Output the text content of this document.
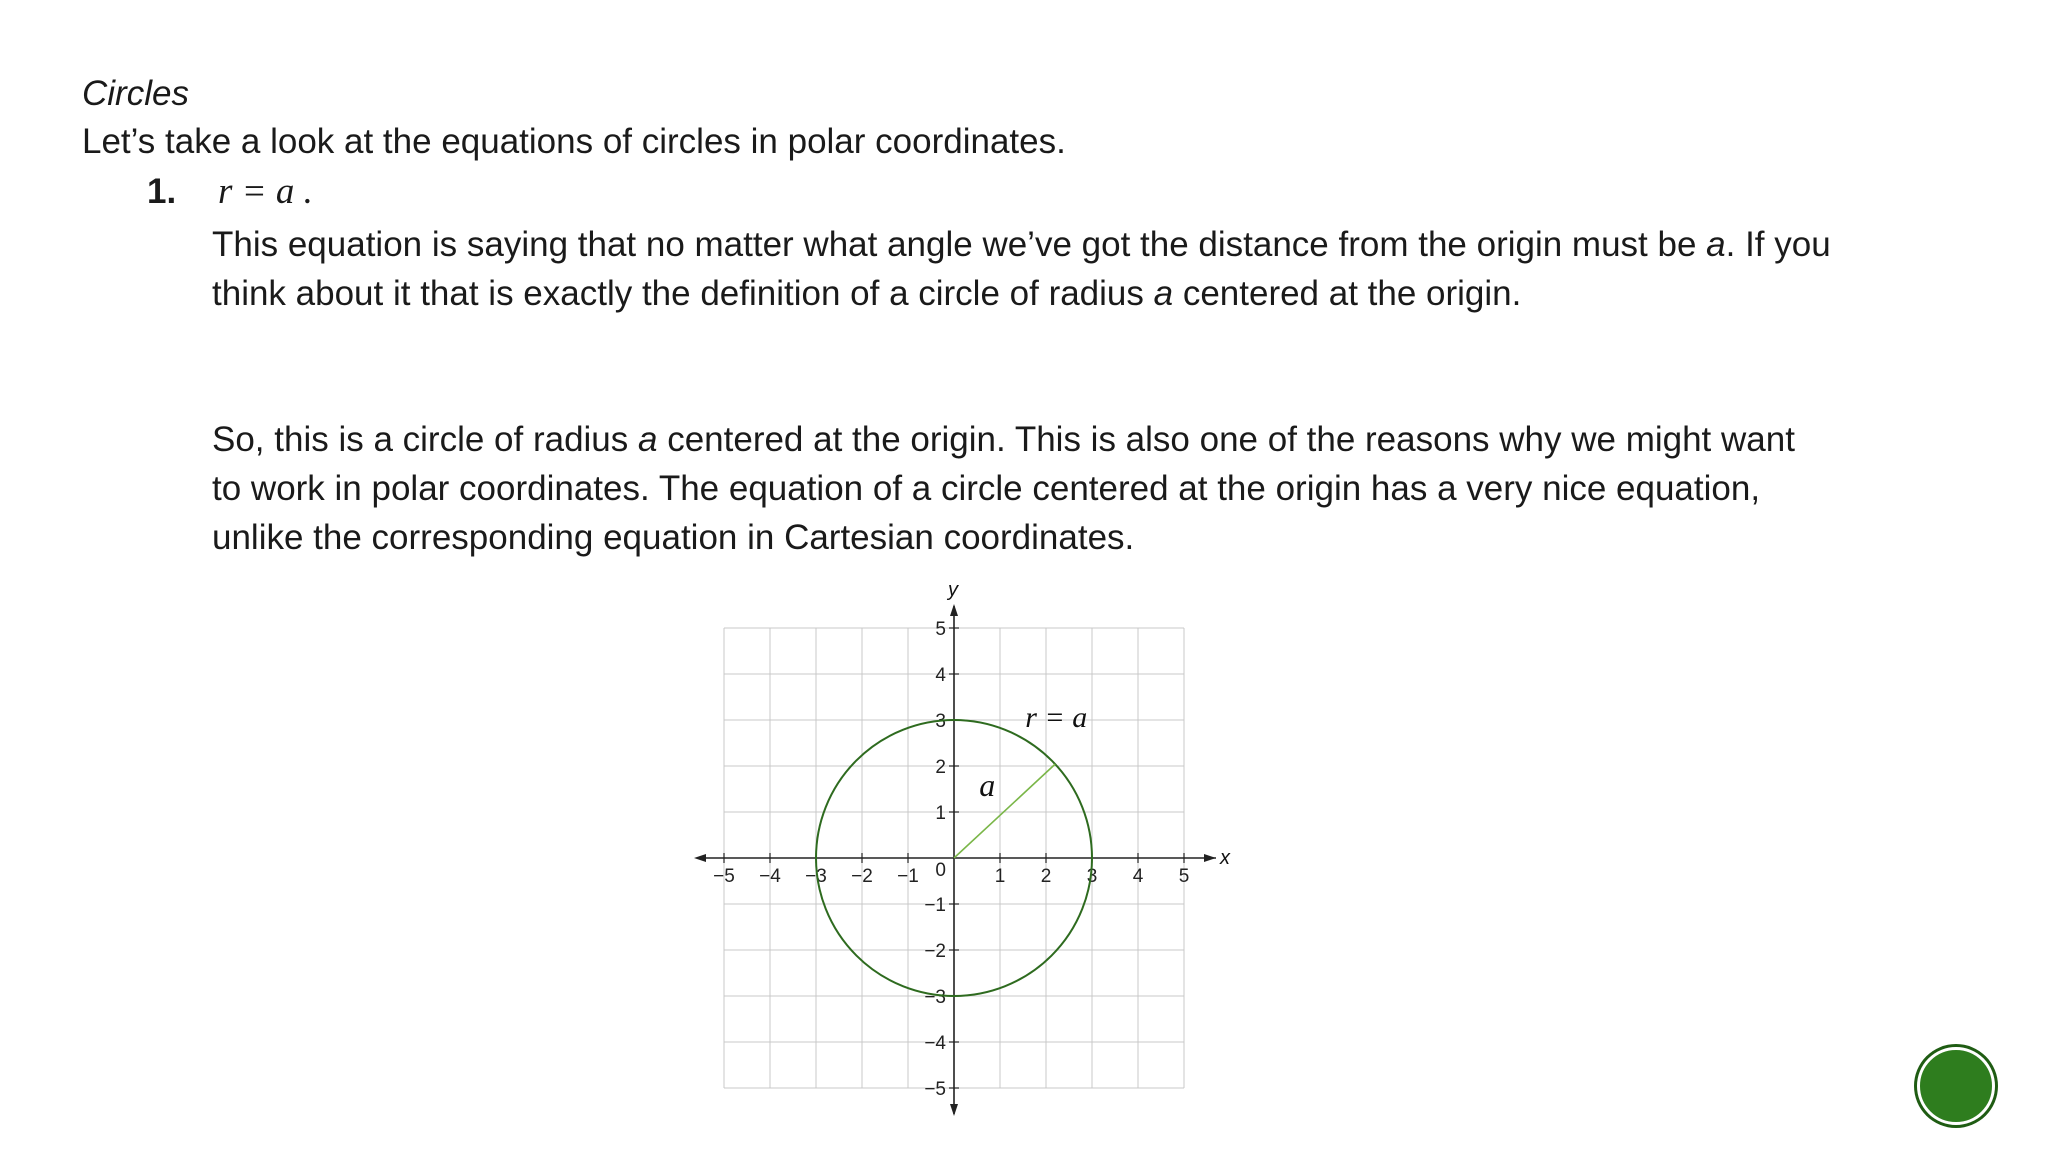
Circles
Let’s take a look at the equations of circles in polar coordinates.
1. r = a .
This equation is saying that no matter what angle we’ve got the distance from the origin must be a. If you think about it that is exactly the definition of a circle of radius a centered at the origin.
So, this is a circle of radius a centered at the origin. This is also one of the reasons why we might want to work in polar coordinates. The equation of a circle centered at the origin has a very nice equation, unlike the corresponding equation in Cartesian coordinates.
x
y
−5 −4 −3 −2 −1	1 2 3 4 5
5
4
3
2
1
−1
−2
−3
−4
−5
0
r = a
a
